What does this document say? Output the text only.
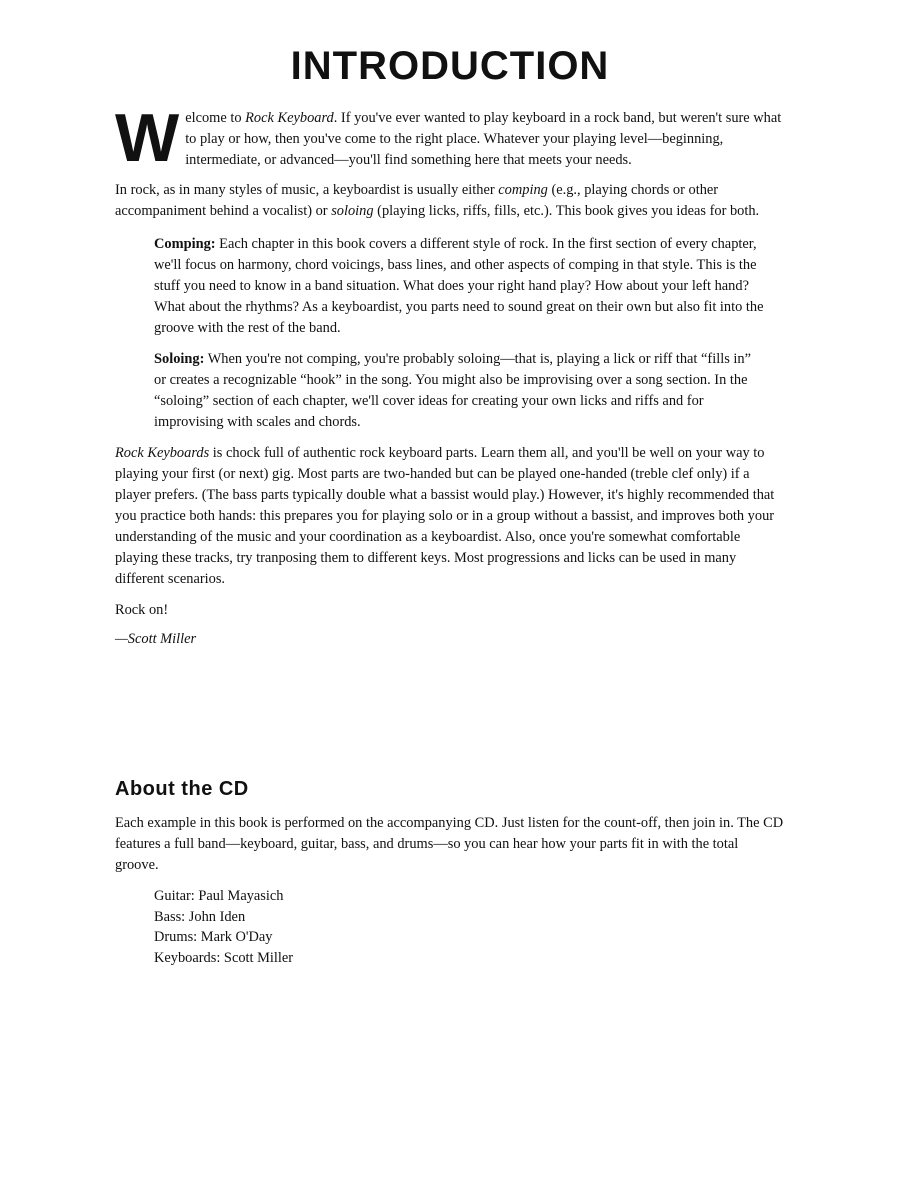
INTRODUCTION

Welcome to Rock Keyboard. If you've ever wanted to play keyboard in a rock band, but weren't sure what to play or how, then you've come to the right place. Whatever your playing level—beginning, intermediate, or advanced—you'll find something here that meets your needs.

In rock, as in many styles of music, a keyboardist is usually either comping (e.g., playing chords or other accompaniment behind a vocalist) or soloing (playing licks, riffs, fills, etc.). This book gives you ideas for both.

Comping: Each chapter in this book covers a different style of rock. In the first section of every chapter, we'll focus on harmony, chord voicings, bass lines, and other aspects of comping in that style. This is the stuff you need to know in a band situation. What does your right hand play? How about your left hand? What about the rhythms? As a keyboardist, you parts need to sound great on their own but also fit into the groove with the rest of the band.

Soloing: When you're not comping, you're probably soloing—that is, playing a lick or riff that “fills in” or creates a recognizable “hook” in the song. You might also be improvising over a song section. In the “soloing” section of each chapter, we'll cover ideas for creating your own licks and riffs and for improvising with scales and chords.

Rock Keyboards is chock full of authentic rock keyboard parts. Learn them all, and you'll be well on your way to playing your first (or next) gig. Most parts are two-handed but can be played one-handed (treble clef only) if a player prefers. (The bass parts typically double what a bassist would play.) However, it's highly recommended that you practice both hands: this prepares you for playing solo or in a group without a bassist, and improves both your understanding of the music and your coordination as a keyboardist. Also, once you're somewhat comfortable playing these tracks, try tranposing them to different keys. Most progressions and licks can be used in many different scenarios.

Rock on!

—Scott Miller

About the CD

Each example in this book is performed on the accompanying CD. Just listen for the count-off, then join in. The CD features a full band—keyboard, guitar, bass, and drums—so you can hear how your parts fit in with the total groove.

Guitar: Paul Mayasich
Bass: John Iden
Drums: Mark O'Day
Keyboards: Scott Miller
